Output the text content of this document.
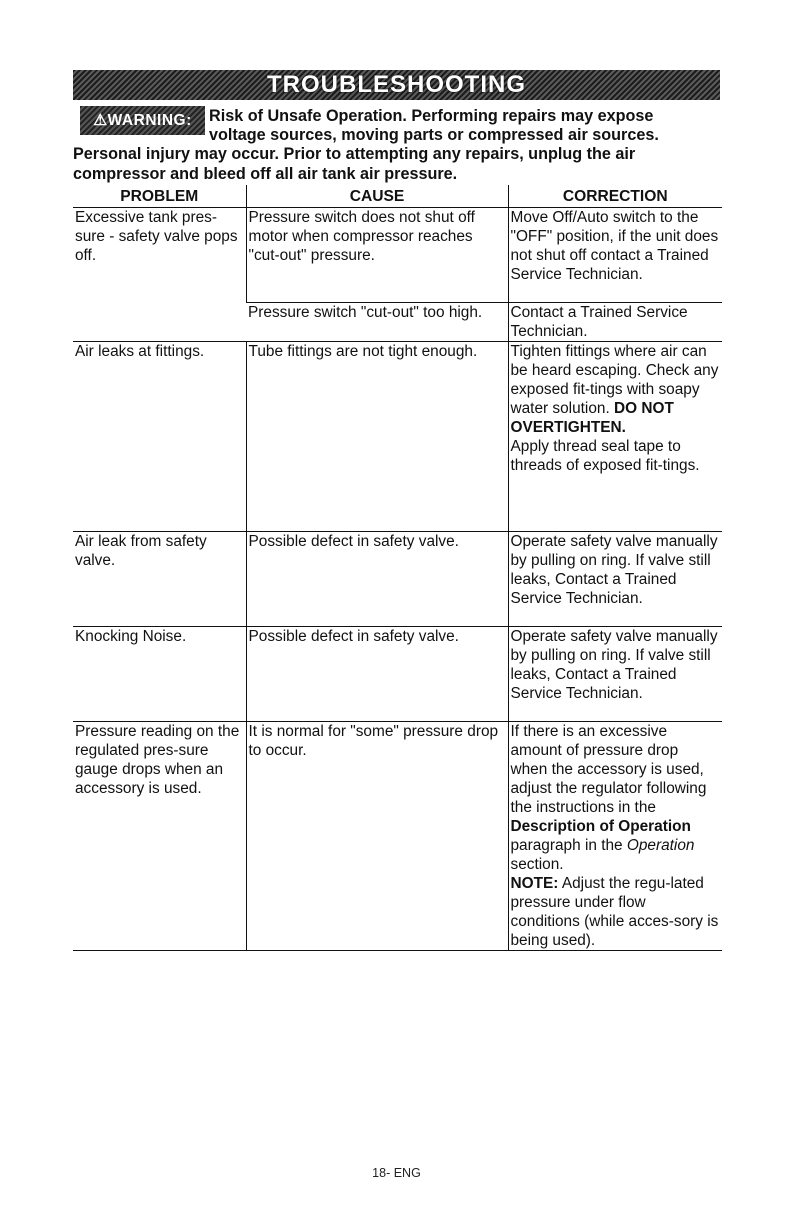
TROUBLESHOOTING
⚠WARNING: Risk of Unsafe Operation. Performing repairs may expose
voltage sources, moving parts or compressed air sources.
Personal injury may occur. Prior to attempting any repairs, unplug the air
compressor and bleed off all air tank air pressure.
PROBLEM	CAUSE	CORRECTION
Excessive tank pres-sure - safety valve pops off.	Pressure switch does not shut off motor when compressor reaches "cut-out" pressure.	Move Off/Auto switch to the "OFF" position, if the unit does not shut off contact a Trained Service Technician.
	Pressure switch "cut-out" too high.	Contact a Trained Service Technician.
Air leaks at fittings.	Tube fittings are not tight enough.	Tighten fittings where air can be heard escaping. Check any exposed fit-tings with soapy water solution. DO NOT OVERTIGHTEN.
Apply thread seal tape to threads of exposed fit-tings.
Air leak from safety valve.	Possible defect in safety valve.	Operate safety valve manually by pulling on ring. If valve still leaks, Contact a Trained Service Technician.
Knocking Noise.	Possible defect in safety valve.	Operate safety valve manually by pulling on ring. If valve still leaks, Contact a Trained Service Technician.
Pressure reading on the regulated pres-sure gauge drops when an accessory is used.	It is normal for "some" pressure drop to occur.	If there is an excessive amount of pressure drop when the accessory is used, adjust the regulator following the instructions in the Description of Operation paragraph in the Operation section.
NOTE: Adjust the regu-lated pressure under flow conditions (while acces-sory is being used).
18- ENG
